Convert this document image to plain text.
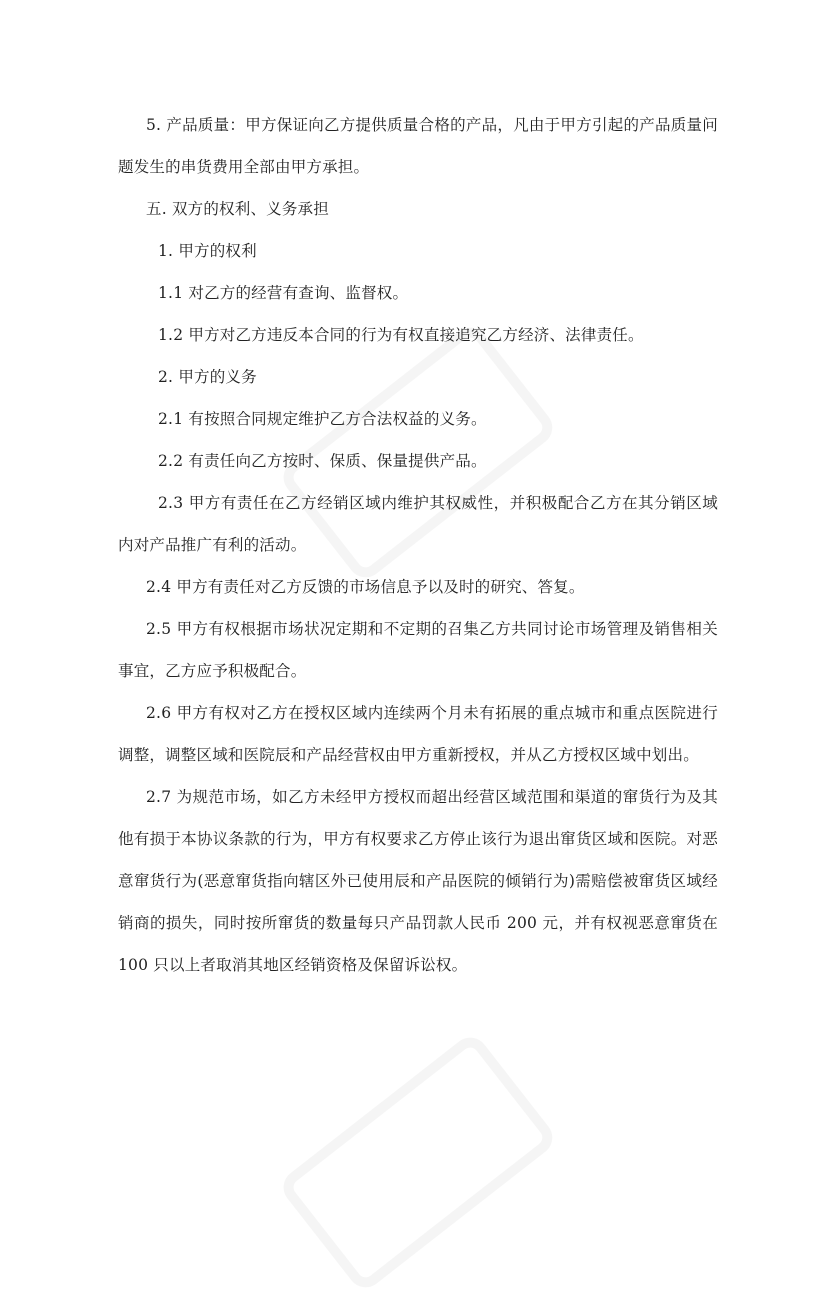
5. 产品质量：甲方保证向乙方提供质量合格的产品，凡由于甲方引起的产品质量问题发生的串货费用全部由甲方承担。

五. 双方的权利、义务承担

1. 甲方的权利

1.1 对乙方的经营有查询、监督权。

1.2 甲方对乙方违反本合同的行为有权直接追究乙方经济、法律责任。

2. 甲方的义务

2.1 有按照合同规定维护乙方合法权益的义务。

2.2 有责任向乙方按时、保质、保量提供产品。

2.3 甲方有责任在乙方经销区域内维护其权威性，并积极配合乙方在其分销区域内对产品推广有利的活动。

2.4 甲方有责任对乙方反馈的市场信息予以及时的研究、答复。

2.5 甲方有权根据市场状况定期和不定期的召集乙方共同讨论市场管理及销售相关事宜，乙方应予积极配合。

2.6 甲方有权对乙方在授权区域内连续两个月未有拓展的重点城市和重点医院进行调整，调整区域和医院辰和产品经营权由甲方重新授权，并从乙方授权区域中划出。

2.7 为规范市场，如乙方未经甲方授权而超出经营区域范围和渠道的窜货行为及其他有损于本协议条款的行为，甲方有权要求乙方停止该行为退出窜货区域和医院。对恶意窜货行为(恶意窜货指向辖区外已使用辰和产品医院的倾销行为)需赔偿被窜货区域经销商的损失，同时按所窜货的数量每只产品罚款人民币 200 元，并有权视恶意窜货在 100 只以上者取消其地区经销资格及保留诉讼权。
